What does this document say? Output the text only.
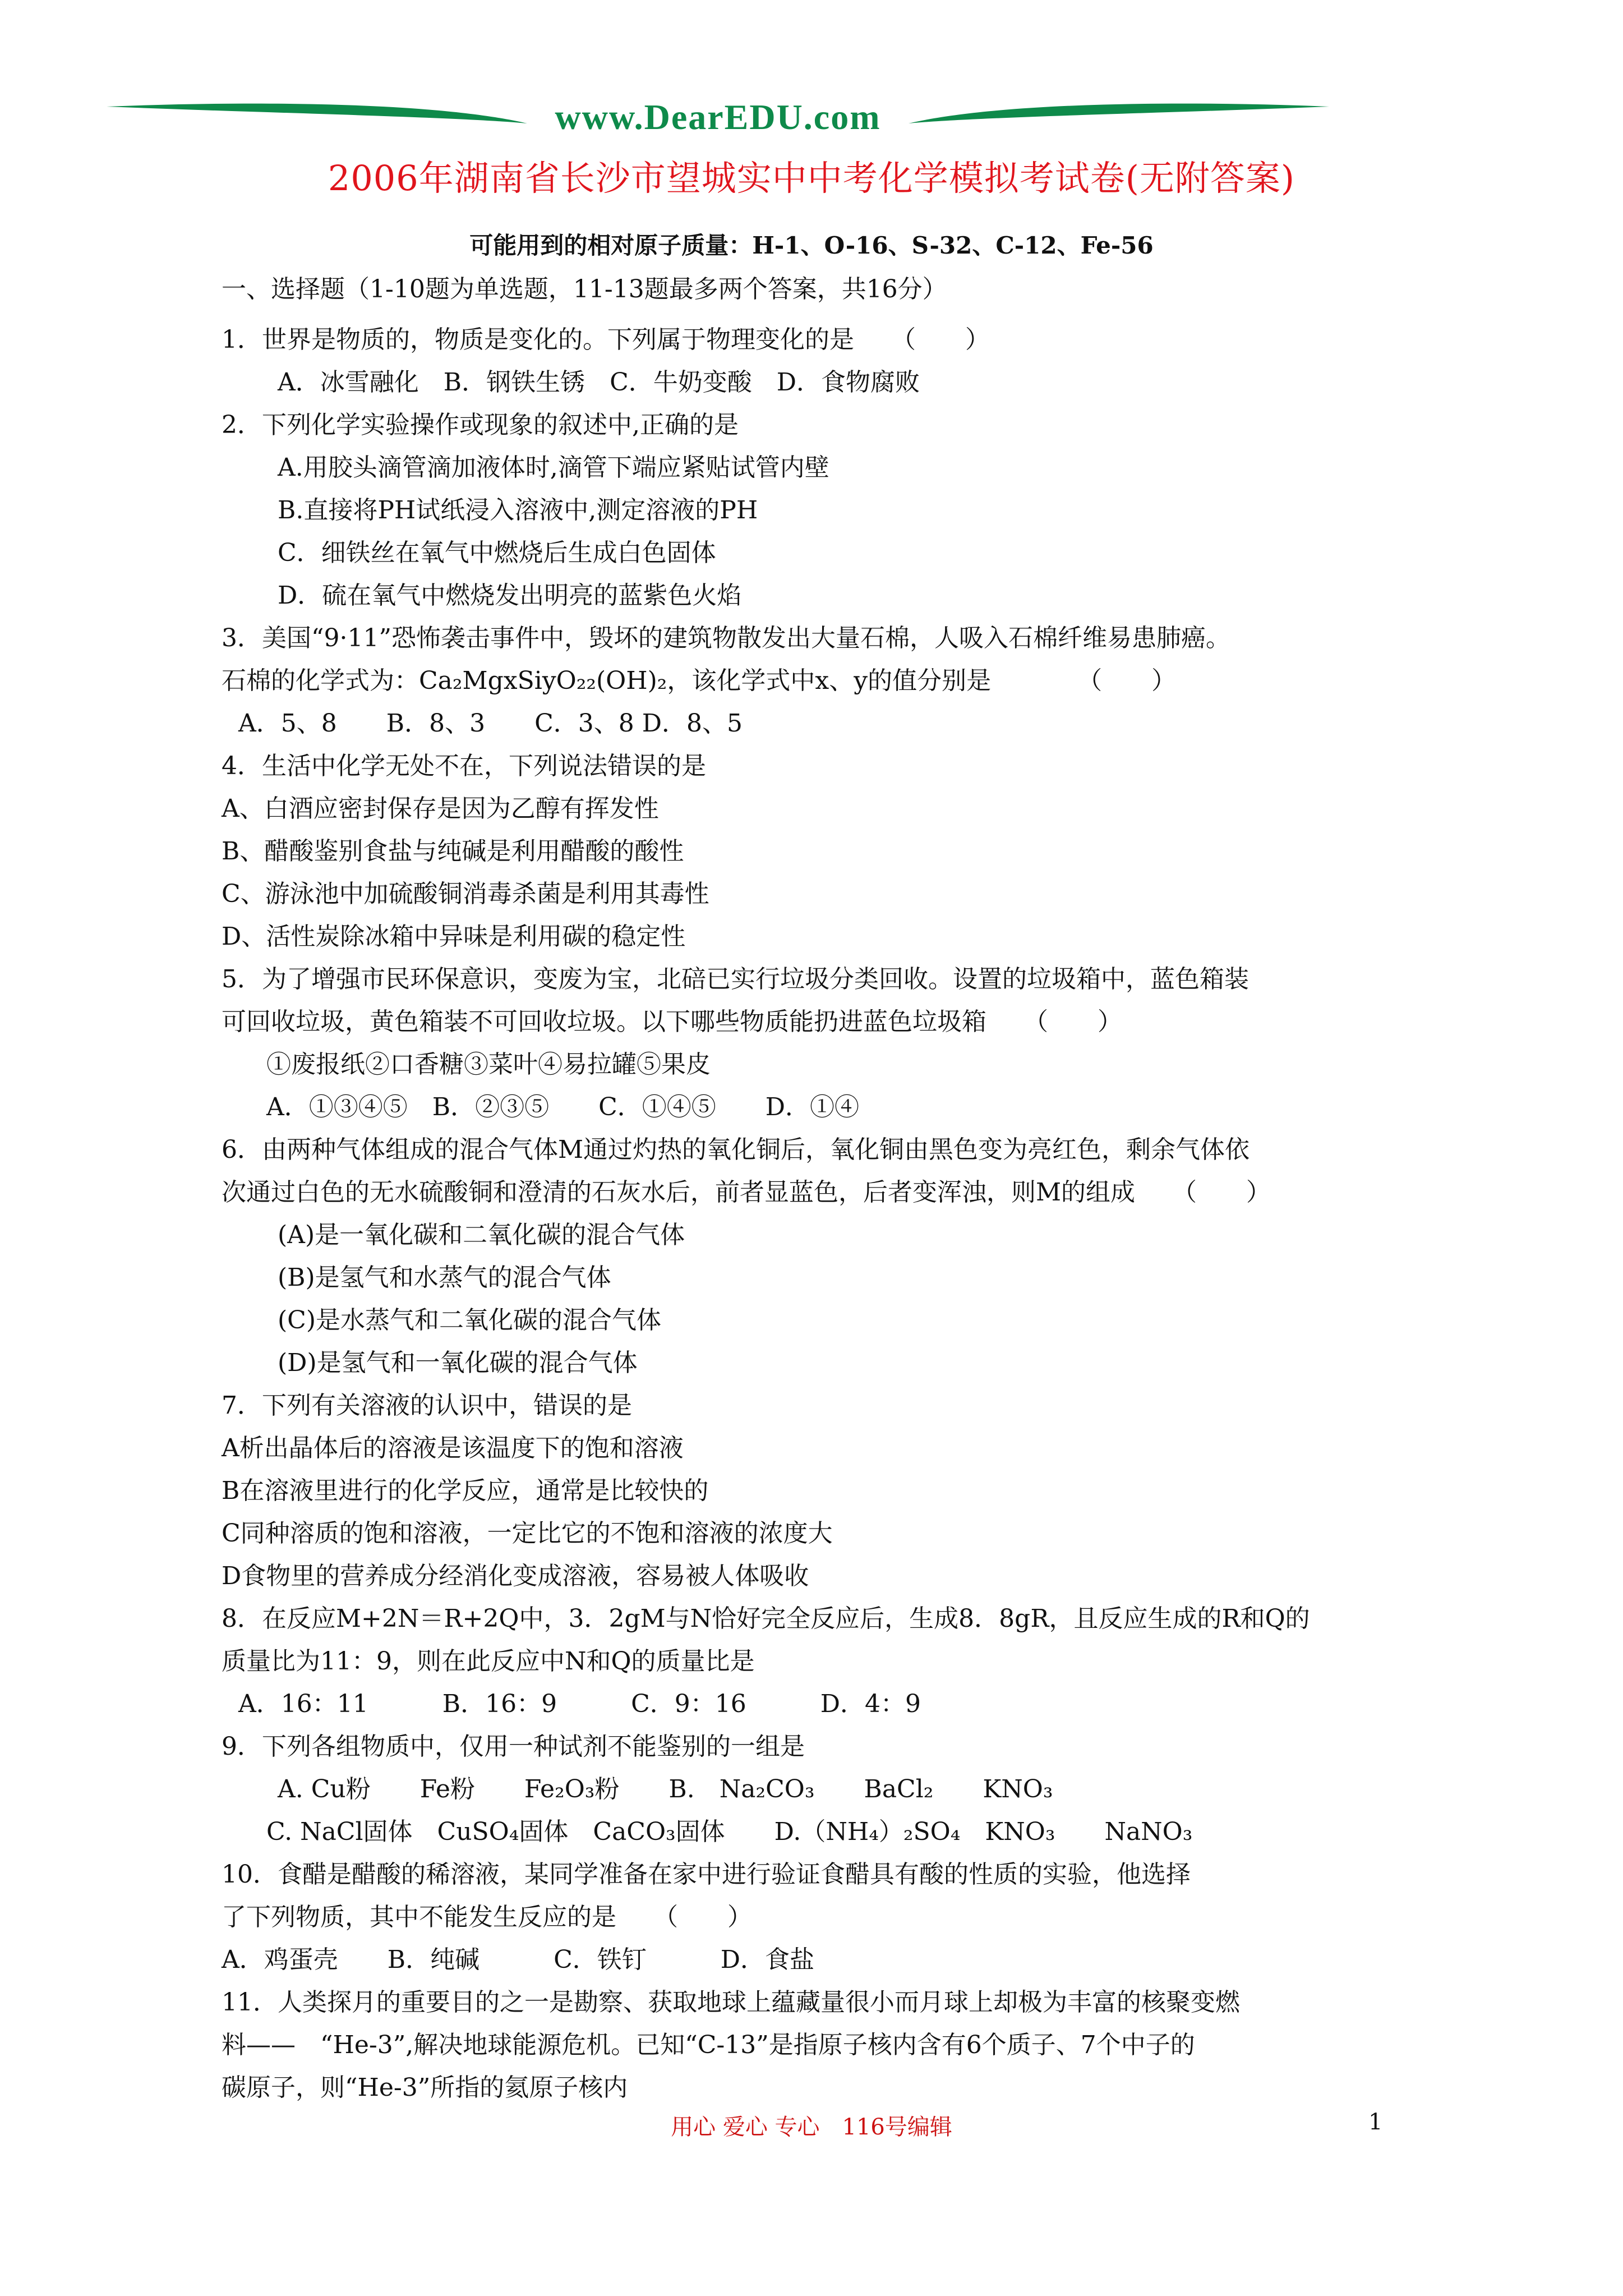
www.DearEDU.com
2006年湖南省长沙市望城实中中考化学模拟考试卷(无附答案)
可能用到的相对原子质量：H-1、O-16、S-32、C-12、Fe-56

一、选择题（1-10题为单选题，11-13题最多两个答案，共16分）

1．世界是物质的，物质是变化的。下列属于物理变化的是　　（　　）

A．冰雪融化　B．钢铁生锈　C．牛奶变酸　D．食物腐败

2．下列化学实验操作或现象的叙述中,正确的是

A.用胶头滴管滴加液体时,滴管下端应紧贴试管内壁

B.直接将PH试纸浸入溶液中,测定溶液的PH

C．细铁丝在氧气中燃烧后生成白色固体

D．硫在氧气中燃烧发出明亮的蓝紫色火焰

3．美国“9·11”恐怖袭击事件中，毁坏的建筑物散发出大量石棉，人吸入石棉纤维易患肺癌。

石棉的化学式为：Ca₂MgxSiyO₂₂(OH)₂，该化学式中x、y的值分别是　　　　（　　）

A．5、8　　B．8、3　　C．3、8 D．8、5

4．生活中化学无处不在，下列说法错误的是

A、白酒应密封保存是因为乙醇有挥发性

B、醋酸鉴别食盐与纯碱是利用醋酸的酸性

C、游泳池中加硫酸铜消毒杀菌是利用其毒性

D、活性炭除冰箱中异味是利用碳的稳定性

5．为了增强市民环保意识，变废为宝，北碚已实行垃圾分类回收。设置的垃圾箱中，蓝色箱装

可回收垃圾，黄色箱装不可回收垃圾。以下哪些物质能扔进蓝色垃圾箱　　（　　）

①废报纸②口香糖③菜叶④易拉罐⑤果皮

A．①③④⑤　B．②③⑤　　C．①④⑤　　D．①④

6．由两种气体组成的混合气体M通过灼热的氧化铜后，氧化铜由黑色变为亮红色，剩余气体依

次通过白色的无水硫酸铜和澄清的石灰水后，前者显蓝色，后者变浑浊，则M的组成　　（　　）

(A)是一氧化碳和二氧化碳的混合气体

(B)是氢气和水蒸气的混合气体

(C)是水蒸气和二氧化碳的混合气体

(D)是氢气和一氧化碳的混合气体

7．下列有关溶液的认识中，错误的是

A析出晶体后的溶液是该温度下的饱和溶液

B在溶液里进行的化学反应，通常是比较快的

C同种溶质的饱和溶液，一定比它的不饱和溶液的浓度大

D食物里的营养成分经消化变成溶液，容易被人体吸收

8．在反应M+2N＝R+2Q中，3．2gM与N恰好完全反应后，生成8．8gR，且反应生成的R和Q的

质量比为11：9，则在此反应中N和Q的质量比是

A．16：11　　　B．16：9　　　C．9：16　　　D．4：9

9．下列各组物质中，仅用一种试剂不能鉴别的一组是

A. Cu粉　　Fe粉　　Fe₂O₃粉　　B.　Na₂CO₃　　BaCl₂　　KNO₃

C. NaCl固体　CuSO₄固体　CaCO₃固体　　D.（NH₄）₂SO₄　KNO₃　　NaNO₃

10．食醋是醋酸的稀溶液，某同学准备在家中进行验证食醋具有酸的性质的实验，他选择

了下列物质，其中不能发生反应的是　　（　　）

A．鸡蛋壳　　B．纯碱　　　C．铁钉　　　D．食盐

11．人类探月的重要目的之一是勘察、获取地球上蕴藏量很小而月球上却极为丰富的核聚变燃

料——　“He-3”,解决地球能源危机。已知“C-13”是指原子核内含有6个质子、7个中子的

碳原子，则“He-3”所指的氦原子核内

用心 爱心 专心　116号编辑	1
